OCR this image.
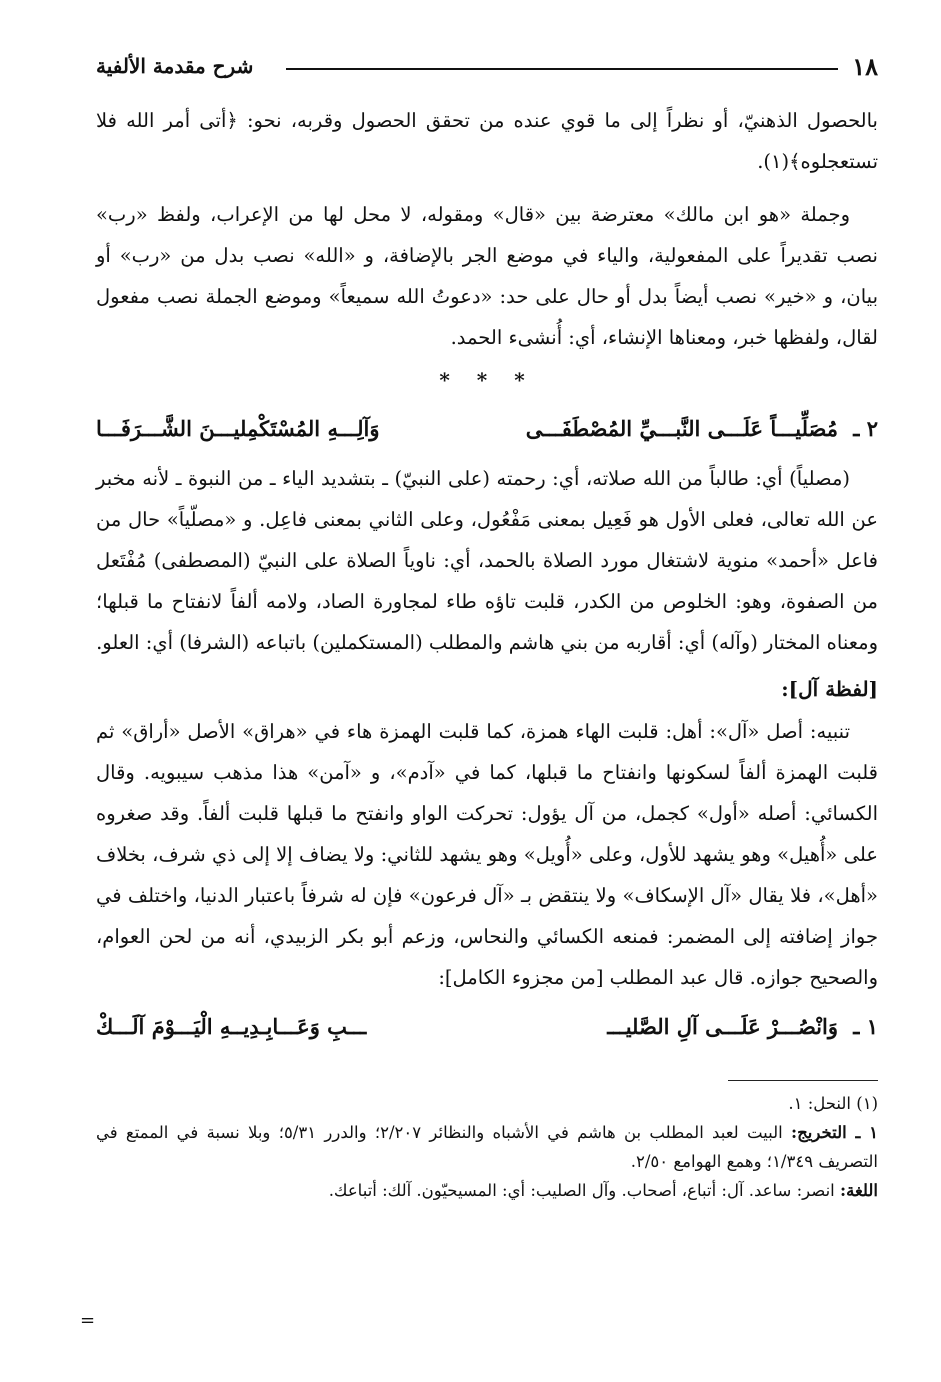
١٨
شرح مقدمة الألفية

بالحصول الذهنيّ، أو نظراً إلى ما قوي عنده من تحقق الحصول وقربه، نحو: ﴿أتى أمر الله فلا تستعجلوه﴾(١).

وجملة «هو ابن مالك» معترضة بين «قال» ومقوله، لا محل لها من الإعراب، ولفظ «رب» نصب تقديراً على المفعولية، والياء في موضع الجر بالإضافة، و «الله» نصب بدل من «رب» أو بيان، و «خير» نصب أيضاً بدل أو حال على حد: «دعوتُ الله سميعاً» وموضع الجملة نصب مفعول لقال، ولفظها خبر، ومعناها الإنشاء، أي: أُنشىء الحمد.

* * *
٢ ـ
مُصَلِّيـــاً عَلَـــى النَّبـــيِّ المُصْطَفَـــى
وَآلِـــهِ المُسْتَكْمِليـــنَ الشَّـــرَفَـــا

(مصلياً) أي: طالباً من الله صلاته، أي: رحمته (على النبيّ) ـ بتشديد الياء ـ من النبوة ـ لأنه مخبر عن الله تعالى، فعلى الأول هو فَعِيل بمعنى مَفْعُول، وعلى الثاني بمعنى فاعِل. و «مصلّياً» حال من فاعل «أحمد» منوية لاشتغال مورد الصلاة بالحمد، أي: ناوياً الصلاة على النبيّ (المصطفى) مُفْتَعل من الصفوة، وهو: الخلوص من الكدر، قلبت تاؤه طاء لمجاورة الصاد، ولامه ألفاً لانفتاح ما قبلها؛ ومعناه المختار (وآله) أي: أقاربه من بني هاشم والمطلب (المستكملين) باتباعه (الشرفا) أي: العلو.

[لفظة آل]:

تنبيه: أصل «آل»: أهل: قلبت الهاء همزة، كما قلبت الهمزة هاء في «هراق» الأصل «أراق» ثم قلبت الهمزة ألفاً لسكونها وانفتاح ما قبلها، كما في «آدم»، و «آمن» هذا مذهب سيبويه. وقال الكسائي: أصله «أول» كجمل، من آل يؤول: تحركت الواو وانفتح ما قبلها قلبت ألفاً. وقد صغروه على «أُهيل» وهو يشهد للأول، وعلى «أُويل» وهو يشهد للثاني: ولا يضاف إلا إلى ذي شرف، بخلاف «أهل»، فلا يقال «آل الإسكاف» ولا ينتقض بـ «آل فرعون» فإن له شرفاً باعتبار الدنيا، واختلف في جواز إضافته إلى المضمر: فمنعه الكسائي والنحاس، وزعم أبو بكر الزبيدي، أنه من لحن العوام، والصحيح جوازه. قال عبد المطلب [من مجزوء الكامل]:

١ ـ
وَانْصُـــرْ عَلَـــى آلِ الصَّليـــ
ـــبِ وَعَـــابِـدِيــهِ الْيَـــوْمَ آلَـــكْ

(١) النحل: ١.

١ ـ التخريج: البيت لعبد المطلب بن هاشم في الأشباه والنظائر ٢/٢٠٧؛ والدرر ٥/٣١؛ وبلا نسبة في الممتع في التصريف ١/٣٤٩؛ وهمع الهوامع ٢/٥٠.

اللغة: انصر: ساعد. آل: أتباع، أصحاب. وآل الصليب: أي: المسيحيّون. آلك: أتباعك.

=
